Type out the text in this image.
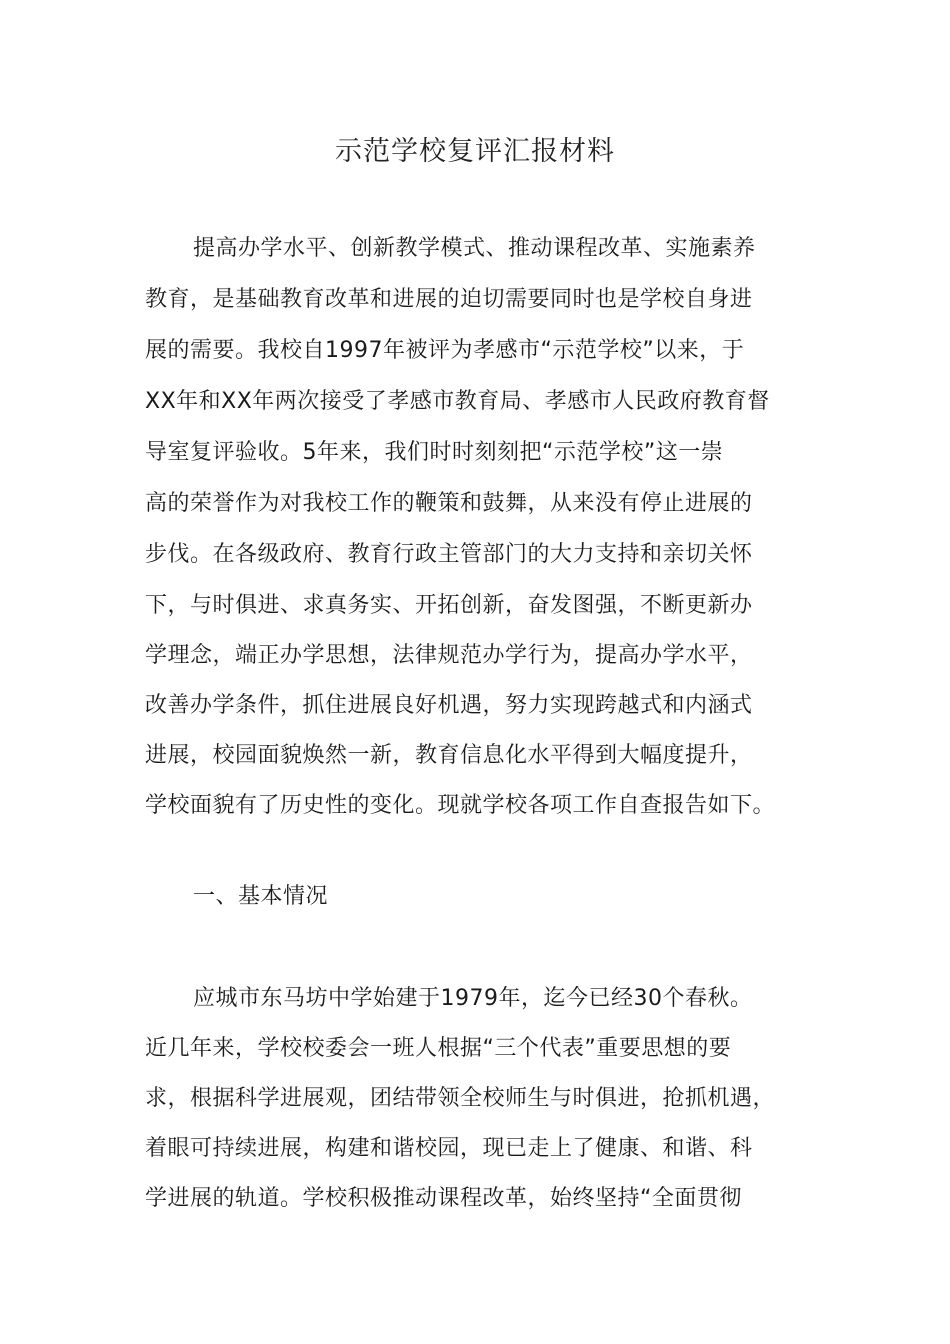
示范学校复评汇报材料
提高办学水平、创新教学模式、推动课程改革、实施素养
教育，是基础教育改革和进展的迫切需要同时也是学校自身进
展的需要。我校自1997年被评为孝感市“示范学校”以来，于
XX年和XX年两次接受了孝感市教育局、孝感市人民政府教育督
导室复评验收。5年来，我们时时刻刻把“示范学校”这一崇
高的荣誉作为对我校工作的鞭策和鼓舞，从来没有停止进展的
步伐。在各级政府、教育行政主管部门的大力支持和亲切关怀
下，与时俱进、求真务实、开拓创新，奋发图强，不断更新办
学理念，端正办学思想，法律规范办学行为，提高办学水平，
改善办学条件，抓住进展良好机遇，努力实现跨越式和内涵式
进展，校园面貌焕然一新，教育信息化水平得到大幅度提升，
学校面貌有了历史性的变化。现就学校各项工作自查报告如下。
一、基本情况
应城市东马坊中学始建于1979年，迄今已经30个春秋。
近几年来，学校校委会一班人根据“三个代表”重要思想的要
求，根据科学进展观，团结带领全校师生与时俱进，抢抓机遇，
着眼可持续进展，构建和谐校园，现已走上了健康、和谐、科
学进展的轨道。学校积极推动课程改革，始终坚持“全面贯彻
